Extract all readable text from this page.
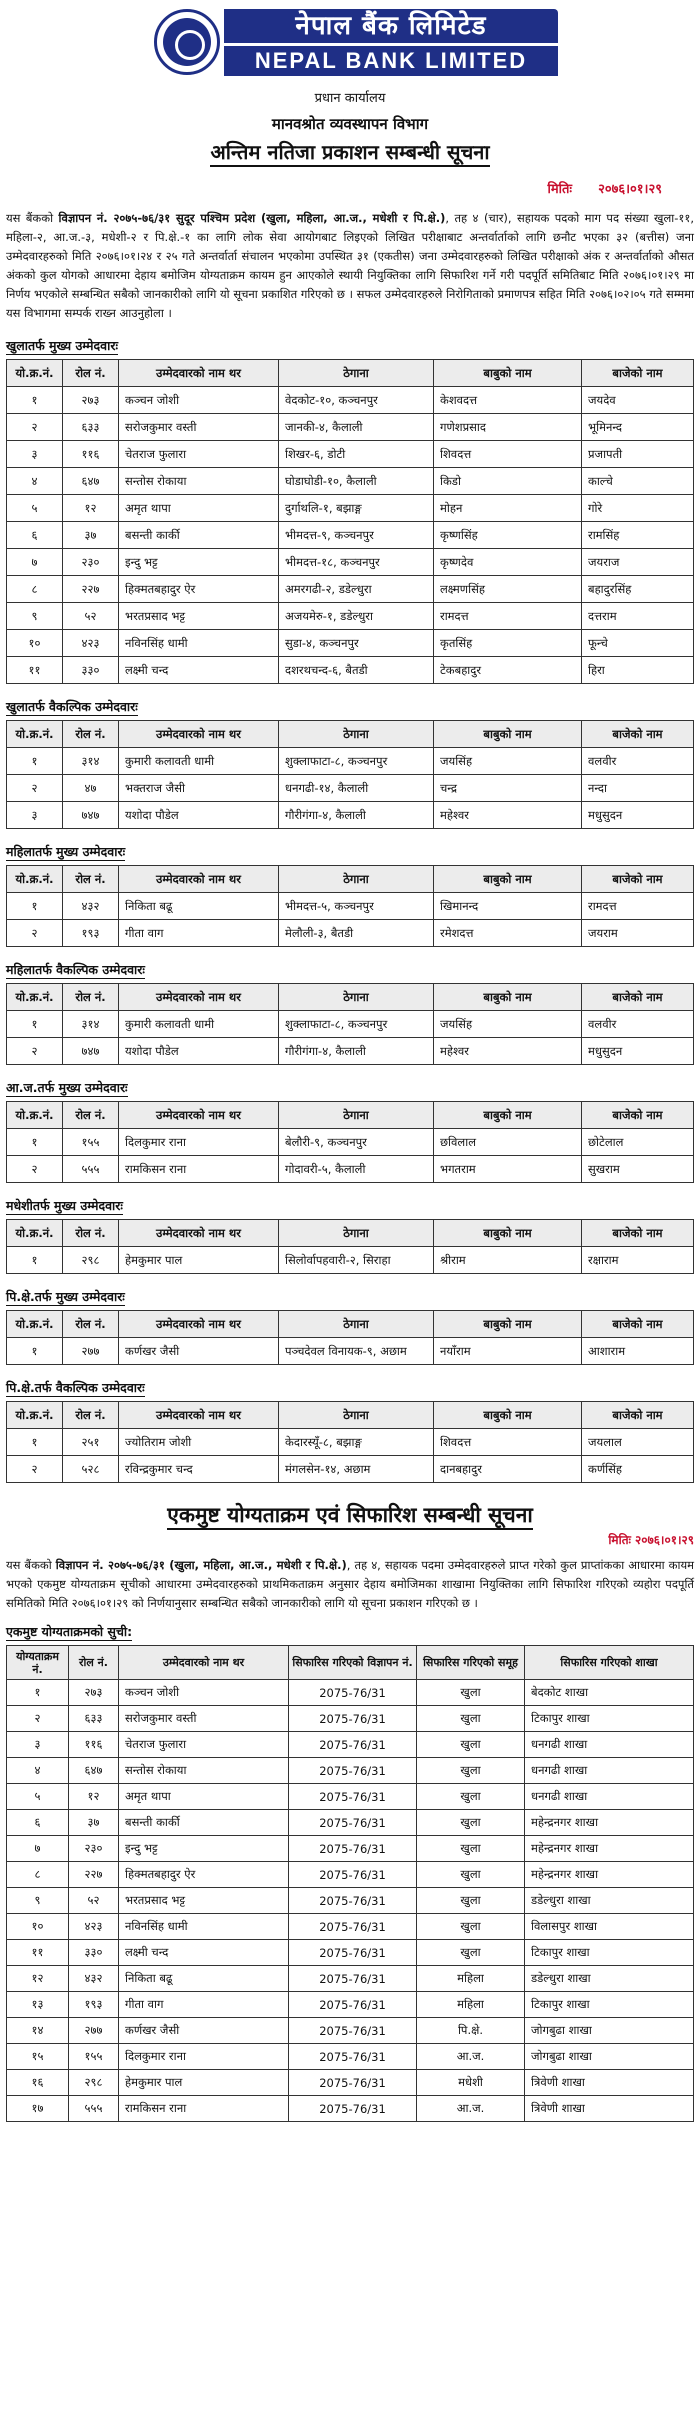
नेपाल बैंक लिमिटेड
NEPAL BANK LIMITED
प्रधान कार्यालय
मानवश्रोत व्यवस्थापन विभाग
अन्तिम नतिजा प्रकाशन सम्बन्धी सूचना
मितिः २०७६।०१।२९

यस बैंकको विज्ञापन नं. २०७५-७६/३१ सुदूर पश्चिम प्रदेश (खुला, महिला, आ.ज., मधेशी र पि.क्षे.), तह ४ (चार), सहायक पदको माग पद संख्या खुला-११, महिला-२, आ.ज.-३, मधेशी-२ र पि.क्षे.-१ का लागि लोक सेवा आयोगबाट लिइएको लिखित परीक्षाबाट अन्तर्वार्ताको लागि छनौट भएका ३२ (बत्तीस) जना उम्मेदवारहरुको मिति २०७६।०१।२४ र २५ गते अन्तर्वार्ता संचालन भएकोमा उपस्थित ३१ (एकतीस) जना उम्मेदवारहरुको लिखित परीक्षाको अंक र अन्तर्वार्ताको औसत अंकको कुल योगको आधारमा देहाय बमोजिम योग्यताक्रम कायम हुन आएकोले स्थायी नियुक्तिका लागि सिफारिश गर्ने गरी पदपूर्ति समितिबाट मिति २०७६।०१।२९ मा निर्णय भएकोले सम्बन्धित सबैको जानकारीको लागि यो सूचना प्रकाशित गरिएको छ । सफल उम्मेदवारहरुले निरोगिताको प्रमाणपत्र सहित मिति २०७६।०२।०५ गते सम्ममा यस विभागमा सम्पर्क राख्न आउनुहोला ।

खुलातर्फ मुख्य उम्मेदवारः
यो.क्र.नं.	रोल नं.	उम्मेदवारको नाम थर	ठेगाना	बाबुको नाम	बाजेको नाम
१	२७३	कञ्चन जोशी	वेदकोट-१०, कञ्चनपुर	केशवदत्त	जयदेव
२	६३३	सरोजकुमार वस्ती	जानकी-४, कैलाली	गणेशप्रसाद	भूमिनन्द
३	११६	चेतराज फुलारा	शिखर-६, डोटी	शिवदत्त	प्रजापती
४	६४७	सन्तोस रोकाया	घोडाघोडी-१०, कैलाली	किडो	काल्चे
५	१२	अमृत थापा	दुर्गाथलि-१, बझाङ्ग	मोहन	गोरे
६	३७	बसन्ती कार्की	भीमदत्त-९, कञ्चनपुर	कृष्णसिंह	रामसिंह
७	२३०	इन्दु भट्ट	भीमदत्त-१८, कञ्चनपुर	कृष्णदेव	जयराज
८	२२७	हिक्मतबहादुर ऐर	अमरगढी-२, डडेल्धुरा	लक्ष्मणसिंह	बहादुरसिंह
९	५२	भरतप्रसाद भट्ट	अजयमेरु-१, डडेल्धुरा	रामदत्त	दत्तराम
१०	४२३	नविनसिंह धामी	सुडा-४, कञ्चनपुर	कृतसिंह	फून्चे
११	३३०	लक्ष्मी चन्द	दशरथचन्द-६, बैतडी	टेकबहादुर	हिरा
खुलातर्फ वैकल्पिक उम्मेदवारः
यो.क्र.नं.	रोल नं.	उम्मेदवारको नाम थर	ठेगाना	बाबुको नाम	बाजेको नाम
१	३१४	कुमारी कलावती धामी	शुक्लाफाटा-८, कञ्चनपुर	जयसिंह	वलवीर
२	४७	भक्तराज जैसी	धनगढी-१४, कैलाली	चन्द्र	नन्दा
३	७४७	यशोदा पौडेल	गौरीगंगा-४, कैलाली	महेश्वर	मधुसुदन
महिलातर्फ मुख्य उम्मेदवारः
यो.क्र.नं.	रोल नं.	उम्मेदवारको नाम थर	ठेगाना	बाबुको नाम	बाजेको नाम
१	४३२	निकिता बढू	भीमदत्त-५, कञ्चनपुर	खिमानन्द	रामदत्त
२	१९३	गीता वाग	मेलौली-३, बैतडी	रमेशदत्त	जयराम
महिलातर्फ वैकल्पिक उम्मेदवारः
यो.क्र.नं.	रोल नं.	उम्मेदवारको नाम थर	ठेगाना	बाबुको नाम	बाजेको नाम
१	३१४	कुमारी कलावती धामी	शुक्लाफाटा-८, कञ्चनपुर	जयसिंह	वलवीर
२	७४७	यशोदा पौडेल	गौरीगंगा-४, कैलाली	महेश्वर	मधुसुदन
आ.ज.तर्फ मुख्य उम्मेदवारः
यो.क्र.नं.	रोल नं.	उम्मेदवारको नाम थर	ठेगाना	बाबुको नाम	बाजेको नाम
१	१५५	दिलकुमार राना	बेलौरी-९, कञ्चनपुर	छविलाल	छोटेलाल
२	५५५	रामकिसन राना	गोदावरी-५, कैलाली	भगतराम	सुखराम
मधेशीतर्फ मुख्य उम्मेदवारः
यो.क्र.नं.	रोल नं.	उम्मेदवारको नाम थर	ठेगाना	बाबुको नाम	बाजेको नाम
१	२९८	हेमकुमार पाल	सिलोर्वापहवारी-२, सिराहा	श्रीराम	रक्षाराम
पि.क्षे.तर्फ मुख्य उम्मेदवारः
यो.क्र.नं.	रोल नं.	उम्मेदवारको नाम थर	ठेगाना	बाबुको नाम	बाजेको नाम
१	२७७	कर्णखर जैसी	पञ्चदेवल विनायक-९, अछाम	नयाँराम	आशाराम
पि.क्षे.तर्फ वैकल्पिक उम्मेदवारः
यो.क्र.नं.	रोल नं.	उम्मेदवारको नाम थर	ठेगाना	बाबुको नाम	बाजेको नाम
१	२५१	ज्योतिराम जोशी	केदारस्यूँ-८, बझाङ्ग	शिवदत्त	जयलाल
२	५२८	रविन्द्रकुमार चन्द	मंगलसेन-१४, अछाम	दानबहादुर	कर्णसिंह
एकमुष्ट योग्यताक्रम एवं सिफारिश सम्बन्धी सूचना
मितिः २०७६।०१।२९

यस बैंकको विज्ञापन नं. २०७५-७६/३१ (खुला, महिला, आ.ज., मधेशी र पि.क्षे.), तह ४, सहायक पदमा उम्मेदवारहरुले प्राप्त गरेको कुल प्राप्तांकका आधारमा कायम भएको एकमुष्ट योग्यताक्रम सूचीको आधारमा उम्मेदवारहरुको प्राथमिकताक्रम अनुसार देहाय बमोजिमका शाखामा नियुक्तिका लागि सिफारिश गरिएको व्यहोरा पदपूर्ति समितिको मिति २०७६।०१।२९ को निर्णयानुसार सम्बन्धित सबैको जानकारीको लागि यो सूचना प्रकाशन गरिएको छ ।

एकमुष्ट योग्यताक्रमको सुची:
योग्यताक्रम नं.	रोल नं.	उम्मेदवारको नाम थर	सिफारिस गरिएको विज्ञापन नं.	सिफारिस गरिएको समूह	सिफारिस गरिएको शाखा
१	२७३	कञ्चन जोशी	2075-76/31	खुला	बेदकोट शाखा
२	६३३	सरोजकुमार वस्ती	2075-76/31	खुला	टिकापुर शाखा
३	११६	चेतराज फुलारा	2075-76/31	खुला	धनगढी शाखा
४	६४७	सन्तोस रोकाया	2075-76/31	खुला	धनगढी शाखा
५	१२	अमृत थापा	2075-76/31	खुला	धनगढी शाखा
६	३७	बसन्ती कार्की	2075-76/31	खुला	महेन्द्रनगर शाखा
७	२३०	इन्दु भट्ट	2075-76/31	खुला	महेन्द्रनगर शाखा
८	२२७	हिक्मतबहादुर ऐर	2075-76/31	खुला	महेन्द्रनगर शाखा
९	५२	भरतप्रसाद भट्ट	2075-76/31	खुला	डडेल्धुरा शाखा
१०	४२३	नविनसिंह धामी	2075-76/31	खुला	विलासपुर शाखा
११	३३०	लक्ष्मी चन्द	2075-76/31	खुला	टिकापुर शाखा
१२	४३२	निकिता बढू	2075-76/31	महिला	डडेल्धुरा शाखा
१३	१९३	गीता वाग	2075-76/31	महिला	टिकापुर शाखा
१४	२७७	कर्णखर जैसी	2075-76/31	पि.क्षे.	जोगबुढा शाखा
१५	१५५	दिलकुमार राना	2075-76/31	आ.ज.	जोगबुढा शाखा
१६	२९८	हेमकुमार पाल	2075-76/31	मधेशी	त्रिवेणी शाखा
१७	५५५	रामकिसन राना	2075-76/31	आ.ज.	त्रिवेणी शाखा
